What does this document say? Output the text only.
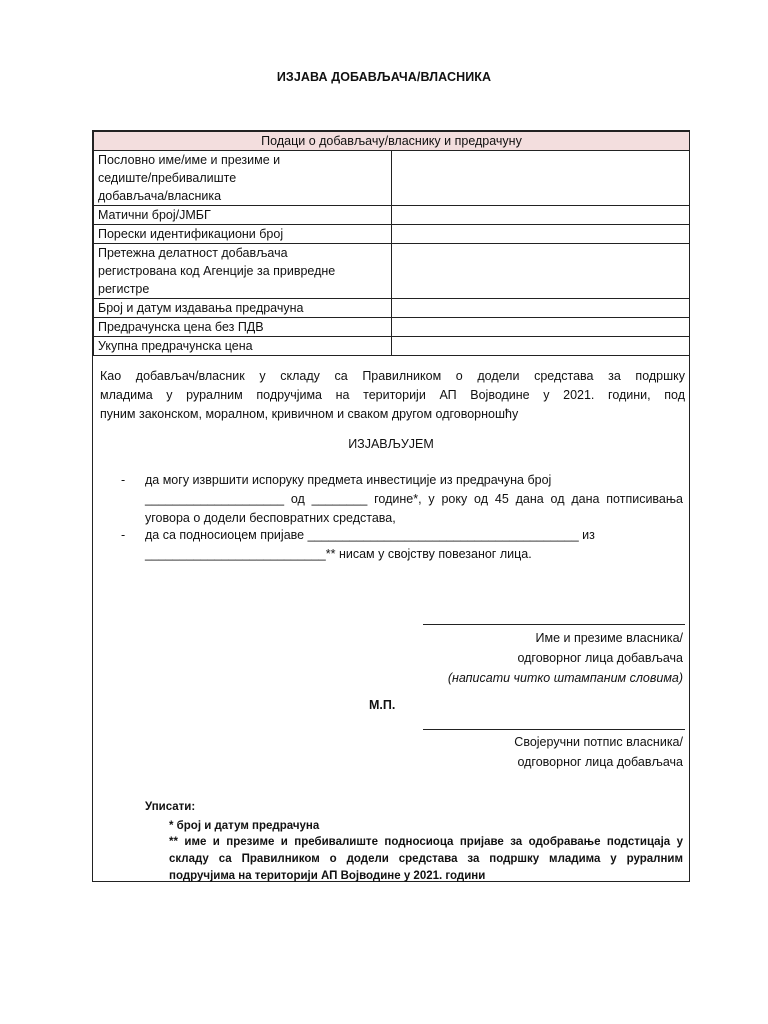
ИЗЈАВА ДОБАВЉАЧА/ВЛАСНИКА
Подаци о добављачу/власнику и предрачуну	

Пословно име/име и презиме и
седиште/пребивалиште
добављача/власника	

Матични број/ЈМБГ	

Порески идентификациони број	

Претежна делатност добављача
регистрована код Агенције за привредне
регистре	

Број и датум издавања предрачуна	

Предрачунска цена без ПДВ	

Укупна предрачунска цена	

Као добављач/власник у складу са Правилником о додели средстава за подршку
младима у руралним подручјима на територији АП Војводине у 2021. години, под
пуним законском, моралном, кривичном и сваком другом одговорношћу
ИЗЈАВЉУЈЕМ
- да могу извршити испоруку предмета инвестиције из предрачуна број
____________________ од ________ године*, у року од 45 дана од дана потписивања
уговора о додели бесповратних средстава,
- да са подносиоцем пријаве _______________________________________ из
__________________________** нисам у својству повезаног лица.
Име и презиме власника/
одговорног лица добављача
(написати читко штампаним словима)
М.П.
Својеручни потпис власника/
одговорног лица добављача
Уписати:
* број и датум предрачуна
** име и презиме и пребивалиште подносиоца пријаве за одобравање подстицаја у
складу са Правилником о додели средстава за подршку младима у руралним
подручјима на територији АП Војводине у 2021. години
